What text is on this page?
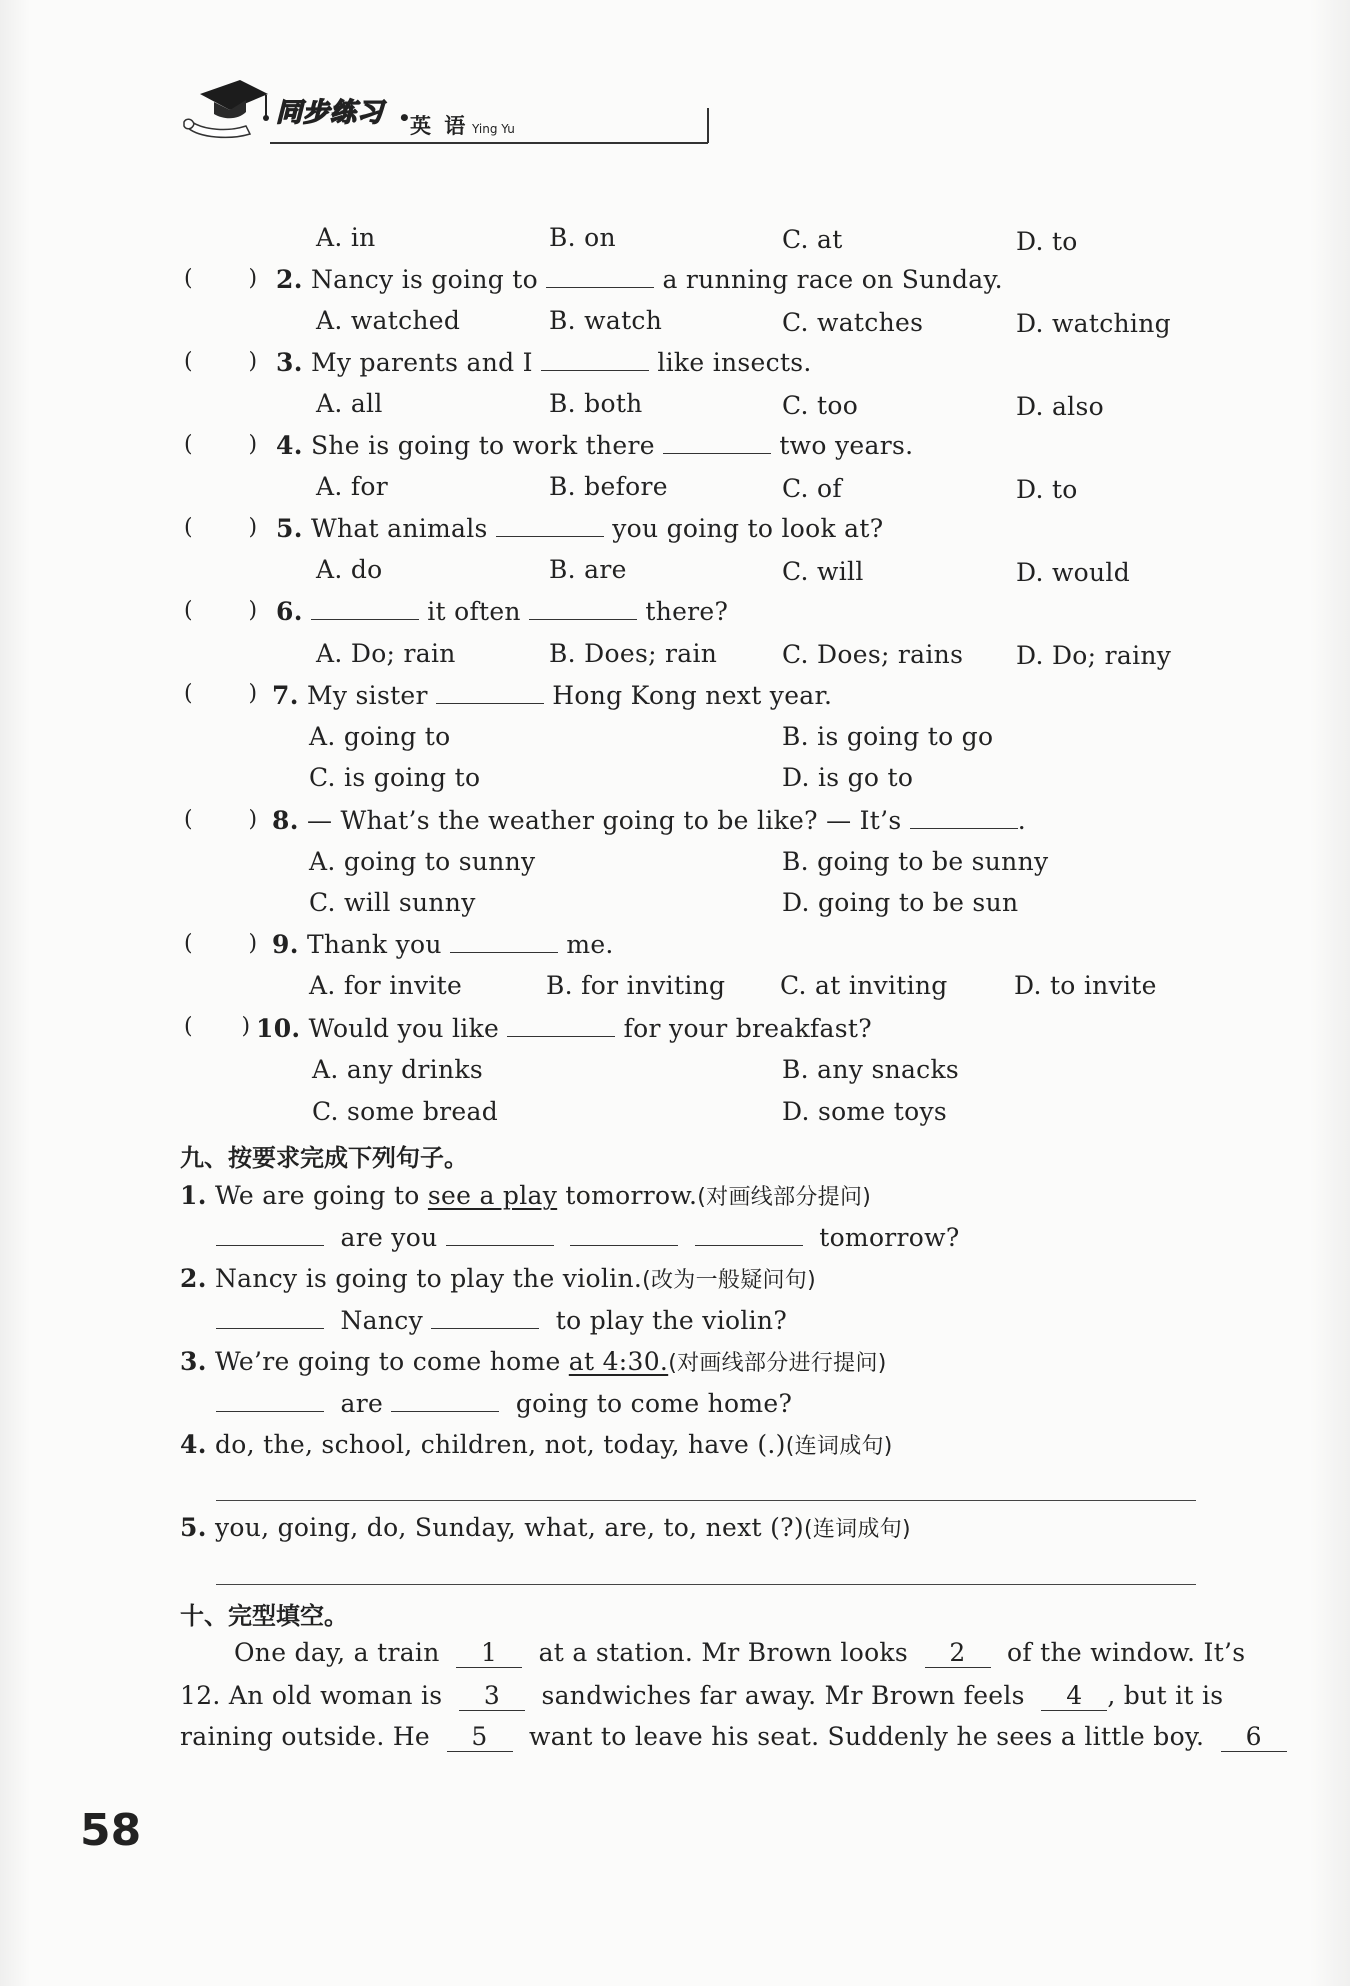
同步练习 • 英 语 Ying Yu
A. in	B. on	C. at	D. to
(        ) 2. Nancy is going to	a running race on Sunday.
A. watched	B. watch	C. watches	D. watching
(        ) 3. My parents and I	like insects.
A. all	B. both	C. too	D. also
(        ) 4. She is going to work there	two years.
A. for	B. before	C. of	D. to
(        ) 5. What animals	you going to look at?
A. do	B. are	C. will	D. would
(        ) 6.	it often	there?
A. Do; rain	B. Does; rain	C. Does; rains D. Do; rainy
(        ) 7. My sister	Hong Kong next year.
A. going to	B. is going to go
C. is going to	D. is go to
(        ) 8. — What’s the weather going to be like? — It’s	.
A. going to sunny	B. going to be sunny
C. will sunny	D. going to be sun
(        ) 9. Thank you	me.
A. for invite	B. for inviting C. at inviting	D. to invite
(       ) 10. Would you like	for your breakfast?
A. any drinks	B. any snacks
C. some bread	D. some toys
九、按要求完成下列句子。
1. We are going to see a play tomorrow.(对画线部分提问)
are you	tomorrow?
2. Nancy is going to play the violin.(改为一般疑问句)
Nancy	to play the violin?
3. We’re going to come home at 4:30.(对画线部分进行提问)
are	going to come home?
4. do, the, school, children, not, today, have (.)(连词成句)
5. you, going, do, Sunday, what, are, to, next (?)(连词成句)
十、完型填空。
One day, a train 1 at a station. Mr Brown looks 2 of the window. It’s
12. An old woman is 3 sandwiches far away. Mr Brown feels 4 , but it is
raining outside. He 5 want to leave his seat. Suddenly he sees a little boy. 6
58
